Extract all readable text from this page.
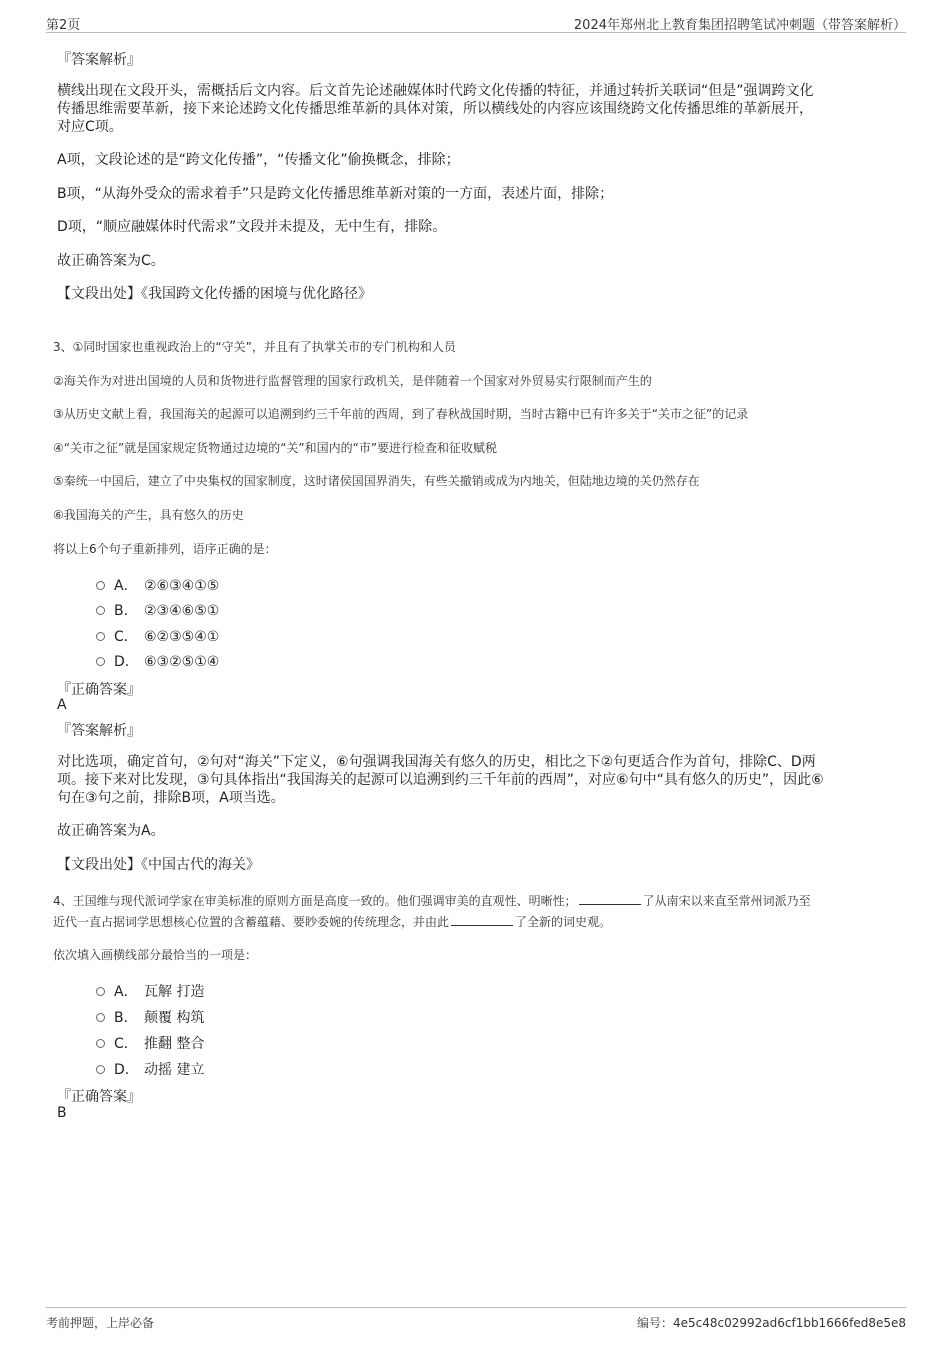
第2页	2024年郑州北上教育集团招聘笔试冲刺题（带答案解析）
『答案解析』
横线出现在文段开头，需概括后文内容。后文首先论述融媒体时代跨文化传播的特征，并通过转折关联词“但是”强调跨文化
传播思维需要革新，接下来论述跨文化传播思维革新的具体对策，所以横线处的内容应该围绕跨文化传播思维的革新展开，
对应C项。
A项，文段论述的是“跨文化传播”，“传播文化”偷换概念，排除；
B项，“从海外受众的需求着手”只是跨文化传播思维革新对策的一方面，表述片面，排除；
D项，“顺应融媒体时代需求”文段并未提及，无中生有，排除。
故正确答案为C。
【文段出处】《我国跨文化传播的困境与优化路径》
3、①同时国家也重视政治上的“守关”，并且有了执掌关市的专门机构和人员
②海关作为对进出国境的人员和货物进行监督管理的国家行政机关，是伴随着一个国家对外贸易实行限制而产生的
③从历史文献上看，我国海关的起源可以追溯到约三千年前的西周，到了春秋战国时期，当时古籍中已有许多关于“关市之征”的记录
④“关市之征”就是国家规定货物通过边境的“关”和国内的“市”要进行检查和征收赋税
⑤秦统一中国后，建立了中央集权的国家制度，这时诸侯国国界消失，有些关撤销或成为内地关，但陆地边境的关仍然存在
⑥我国海关的产生，具有悠久的历史
将以上6个句子重新排列，语序正确的是：
A． ②⑥③④①⑤
B． ②③④⑥⑤①
C． ⑥②③⑤④①
D． ⑥③②⑤①④
『正确答案』
A
『答案解析』
对比选项，确定首句，②句对“海关”下定义，⑥句强调我国海关有悠久的历史，相比之下②句更适合作为首句，排除C、D两
项。接下来对比发现，③句具体指出“我国海关的起源可以追溯到约三千年前的西周”，对应⑥句中“具有悠久的历史”，因此⑥
句在③句之前，排除B项，A项当选。
故正确答案为A。
【文段出处】《中国古代的海关》
4、王国维与现代派词学家在审美标准的原则方面是高度一致的。他们强调审美的直观性、明晰性；	了从南宋以来直至常州词派乃至
近代一直占据词学思想核心位置的含蓄蕴藉、要眇委婉的传统理念，并由此	了全新的词史观。
依次填入画横线部分最恰当的一项是：
A． 瓦解 打造
B． 颠覆 构筑
C． 推翻 整合
D． 动摇 建立
『正确答案』
B
考前押题，上岸必备	编号：4e5c48c02992ad6cf1bb1666fed8e5e8
